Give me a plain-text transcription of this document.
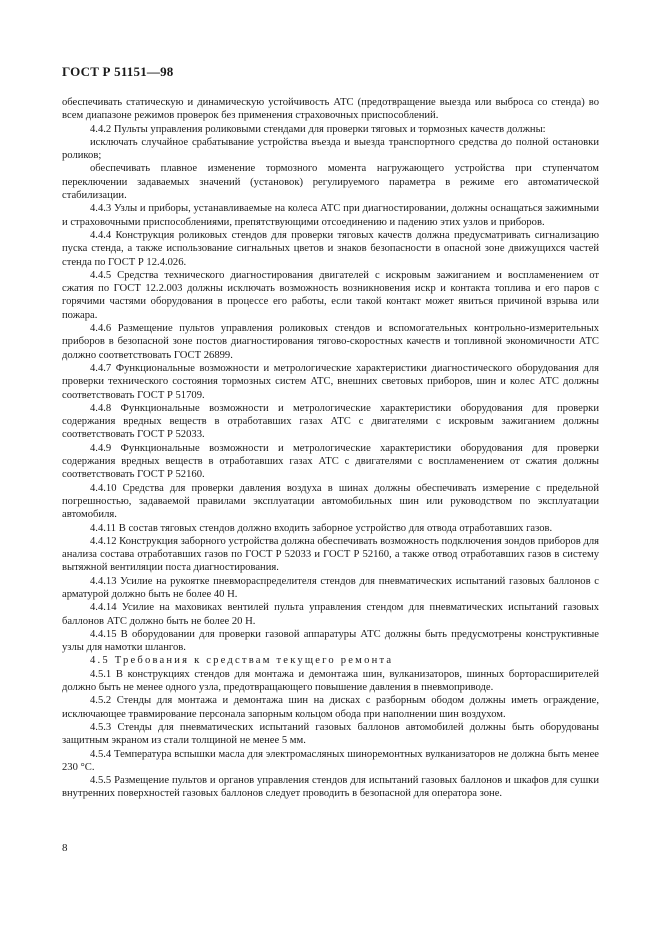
ГОСТ Р 51151—98

обеспечивать статическую и динамическую устойчивость АТС (предотвращение выезда или выброса со стенда) во всем диапазоне режимов проверок без применения страховочных приспособлений.

4.4.2 Пульты управления роликовыми стендами для проверки тяговых и тормозных качеств должны:

исключать случайное срабатывание устройства въезда и выезда транспортного средства до полной остановки роликов;

обеспечивать плавное изменение тормозного момента нагружающего устройства при ступенчатом переключении задаваемых значений (установок) регулируемого параметра в режиме его автоматической стабилизации.

4.4.3 Узлы и приборы, устанавливаемые на колеса АТС при диагностировании, должны оснащаться зажимными и страховочными приспособлениями, препятствующими отсоединению и падению этих узлов и приборов.

4.4.4 Конструкция роликовых стендов для проверки тяговых качеств должна предусматривать сигнализацию пуска стенда, а также использование сигнальных цветов и знаков безопасности в опасной зоне движущихся частей стенда по ГОСТ Р 12.4.026.

4.4.5 Средства технического диагностирования двигателей с искровым зажиганием и воспламенением от сжатия по ГОСТ 12.2.003 должны исключать возможность возникновения искр и контакта топлива и его паров с горячими частями оборудования в процессе его работы, если такой контакт может явиться причиной взрыва или пожара.

4.4.6 Размещение пультов управления роликовых стендов и вспомогательных контрольно-измерительных приборов в безопасной зоне постов диагностирования тягово-скоростных качеств и топливной экономичности АТС должно соответствовать ГОСТ 26899.

4.4.7 Функциональные возможности и метрологические характеристики диагностического оборудования для проверки технического состояния тормозных систем АТС, внешних световых приборов, шин и колес АТС должны соответствовать ГОСТ Р 51709.

4.4.8 Функциональные возможности и метрологические характеристики оборудования для проверки содержания вредных веществ в отработавших газах АТС с двигателями с искровым зажиганием должны соответствовать ГОСТ Р 52033.

4.4.9 Функциональные возможности и метрологические характеристики оборудования для проверки содержания вредных веществ в отработавших газах АТС с двигателями с воспламенением от сжатия должны соответствовать ГОСТ Р 52160.

4.4.10 Средства для проверки давления воздуха в шинах должны обеспечивать измерение с предельной погрешностью, задаваемой правилами эксплуатации автомобильных шин или руководством по эксплуатации автомобиля.

4.4.11 В состав тяговых стендов должно входить заборное устройство для отвода отработавших газов.

4.4.12 Конструкция заборного устройства должна обеспечивать возможность подключения зондов приборов для анализа состава отработавших газов по ГОСТ Р 52033 и ГОСТ Р 52160, а также отвод отработавших газов в систему вытяжной вентиляции поста диагностирования.

4.4.13 Усилие на рукоятке пневмораспределителя стендов для пневматических испытаний газовых баллонов с арматурой должно быть не более 40 Н.

4.4.14 Усилие на маховиках вентилей пульта управления стендом для пневматических испытаний газовых баллонов АТС должно быть не более 20 Н.

4.4.15 В оборудовании для проверки газовой аппаратуры АТС должны быть предусмотрены конструктивные узлы для намотки шлангов.

4.5 Требования к средствам текущего ремонта

4.5.1 В конструкциях стендов для монтажа и демонтажа шин, вулканизаторов, шинных борторасширителей должно быть не менее одного узла, предотвращающего повышение давления в пневмоприводе.

4.5.2 Стенды для монтажа и демонтажа шин на дисках с разборным ободом должны иметь ограждение, исключающее травмирование персонала запорным кольцом обода при наполнении шин воздухом.

4.5.3 Стенды для пневматических испытаний газовых баллонов автомобилей должны быть оборудованы защитным экраном из стали толщиной не менее 5 мм.

4.5.4 Температура вспышки масла для электромасляных шиноремонтных вулканизаторов не должна быть менее 230 °С.

4.5.5 Размещение пультов и органов управления стендов для испытаний газовых баллонов и шкафов для сушки внутренних поверхностей газовых баллонов следует проводить в безопасной для оператора зоне.

8
